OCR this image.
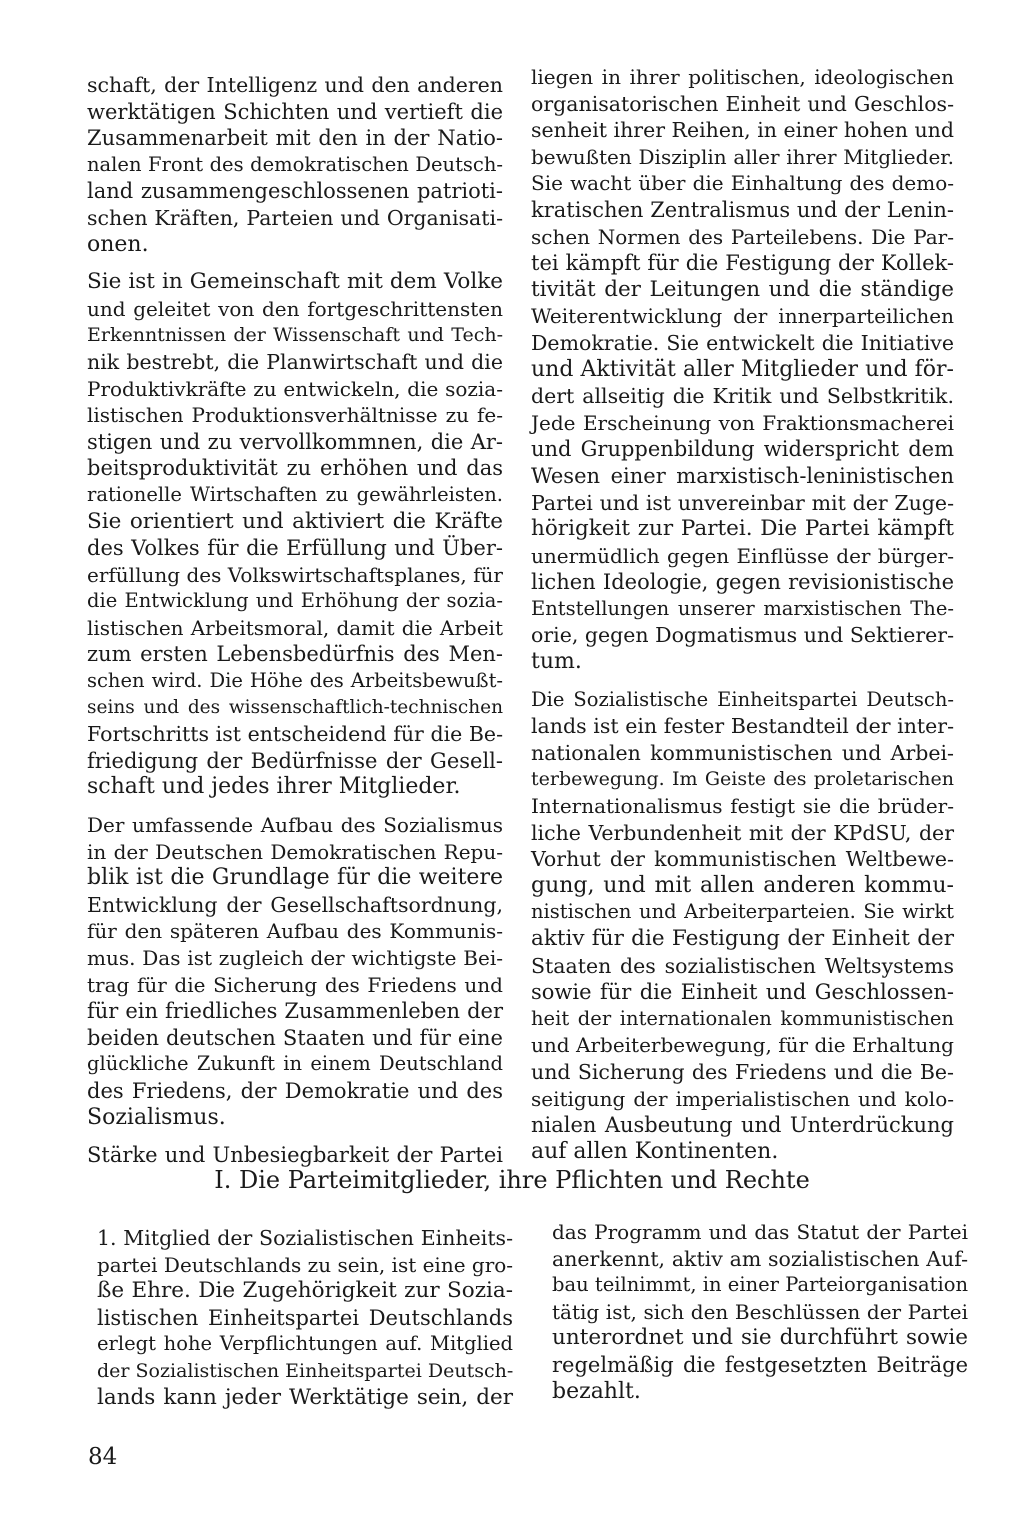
schaft, der Intelligenz und den anderen
werktätigen Schichten und vertieft die
Zusammenarbeit mit den in der Natio-
nalen Front des demokratischen Deutsch-
land zusammengeschlossenen patrioti-
schen Kräften, Parteien und Organisati-
onen.
Sie ist in Gemeinschaft mit dem Volke
und geleitet von den fortgeschrittensten
Erkenntnissen der Wissenschaft und Tech-
nik bestrebt, die Planwirtschaft und die
Produktivkräfte zu entwickeln, die sozia-
listischen Produktionsverhältnisse zu fe-
stigen und zu vervollkommnen, die Ar-
beitsproduktivität zu erhöhen und das
rationelle Wirtschaften zu gewährleisten.
Sie orientiert und aktiviert die Kräfte
des Volkes für die Erfüllung und Über-
erfüllung des Volkswirtschaftsplanes, für
die Entwicklung und Erhöhung der sozia-
listischen Arbeitsmoral, damit die Arbeit
zum ersten Lebensbedürfnis des Men-
schen wird. Die Höhe des Arbeitsbewußt-
seins und des wissenschaftlich-technischen
Fortschritts ist entscheidend für die Be-
friedigung der Bedürfnisse der Gesell-
schaft und jedes ihrer Mitglieder.
Der umfassende Aufbau des Sozialismus
in der Deutschen Demokratischen Repu-
blik ist die Grundlage für die weitere
Entwicklung der Gesellschaftsordnung,
für den späteren Aufbau des Kommunis-
mus. Das ist zugleich der wichtigste Bei-
trag für die Sicherung des Friedens und
für ein friedliches Zusammenleben der
beiden deutschen Staaten und für eine
glückliche Zukunft in einem Deutschland
des Friedens, der Demokratie und des
Sozialismus.
Stärke und Unbesiegbarkeit der Partei
liegen in ihrer politischen, ideologischen
organisatorischen Einheit und Geschlos-
senheit ihrer Reihen, in einer hohen und
bewußten Disziplin aller ihrer Mitglieder.
Sie wacht über die Einhaltung des demo-
kratischen Zentralismus und der Lenin-
schen Normen des Parteilebens. Die Par-
tei kämpft für die Festigung der Kollek-
tivität der Leitungen und die ständige
Weiterentwicklung der innerparteilichen
Demokratie. Sie entwickelt die Initiative
und Aktivität aller Mitglieder und för-
dert allseitig die Kritik und Selbstkritik.
Jede Erscheinung von Fraktionsmacherei
und Gruppenbildung widerspricht dem
Wesen einer marxistisch-leninistischen
Partei und ist unvereinbar mit der Zuge-
hörigkeit zur Partei. Die Partei kämpft
unermüdlich gegen Einflüsse der bürger-
lichen Ideologie, gegen revisionistische
Entstellungen unserer marxistischen The-
orie, gegen Dogmatismus und Sektierer-
tum.
Die Sozialistische Einheitspartei Deutsch-
lands ist ein fester Bestandteil der inter-
nationalen kommunistischen und Arbei-
terbewegung. Im Geiste des proletarischen
Internationalismus festigt sie die brüder-
liche Verbundenheit mit der KPdSU, der
Vorhut der kommunistischen Weltbewe-
gung, und mit allen anderen kommu-
nistischen und Arbeiterparteien. Sie wirkt
aktiv für die Festigung der Einheit der
Staaten des sozialistischen Weltsystems
sowie für die Einheit und Geschlossen-
heit der internationalen kommunistischen
und Arbeiterbewegung, für die Erhaltung
und Sicherung des Friedens und die Be-
seitigung der imperialistischen und kolo-
nialen Ausbeutung und Unterdrückung
auf allen Kontinenten.
I. Die Parteimitglieder, ihre Pflichten und Rechte
1. Mitglied der Sozialistischen Einheits-
partei Deutschlands zu sein, ist eine gro-
ße Ehre. Die Zugehörigkeit zur Sozia-
listischen Einheitspartei Deutschlands
erlegt hohe Verpflichtungen auf. Mitglied
der Sozialistischen Einheitspartei Deutsch-
lands kann jeder Werktätige sein, der
das Programm und das Statut der Partei
anerkennt, aktiv am sozialistischen Auf-
bau teilnimmt, in einer Parteiorganisation
tätig ist, sich den Beschlüssen der Partei
unterordnet und sie durchführt sowie
regelmäßig die festgesetzten Beiträge
bezahlt.
84
